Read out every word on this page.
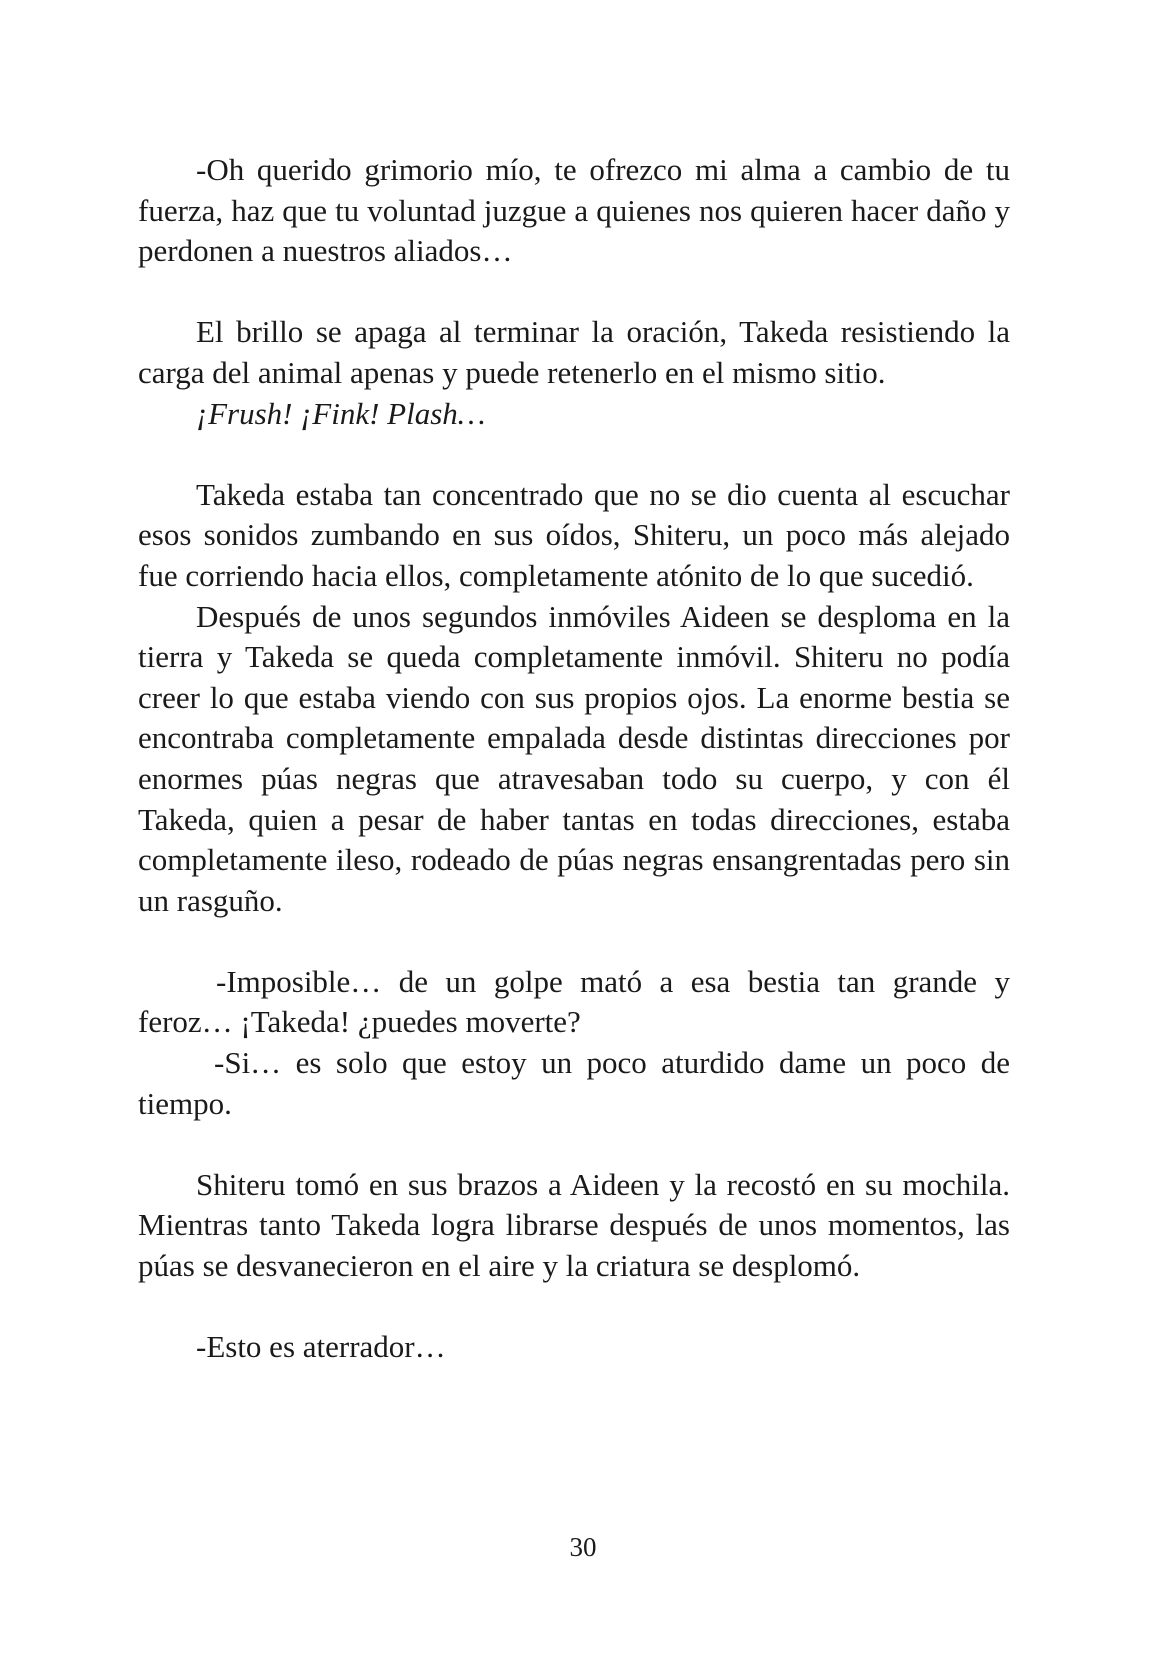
-Oh querido grimorio mío, te ofrezco mi alma a cambio de tu fuerza, haz que tu voluntad juzgue a quienes nos quieren hacer daño y perdonen a nuestros aliados…

El brillo se apaga al terminar la oración, Takeda resistiendo la carga del animal apenas y puede retenerlo en el mismo sitio.

¡Frush! ¡Fink! Plash…

Takeda estaba tan concentrado que no se dio cuenta al escuchar esos sonidos zumbando en sus oídos, Shiteru, un poco más alejado fue corriendo hacia ellos, completamente atónito de lo que sucedió.

Después de unos segundos inmóviles Aideen se desploma en la tierra y Takeda se queda completamente inmóvil. Shiteru no podía creer lo que estaba viendo con sus propios ojos. La enorme bestia se encontraba completamente empalada desde distintas direcciones por enormes púas negras que atravesaban todo su cuerpo, y con él Takeda, quien a pesar de haber tantas en todas direcciones, estaba completamente ileso, rodeado de púas negras ensangrentadas pero sin un rasguño.

-Imposible… de un golpe mató a esa bestia tan grande y feroz… ¡Takeda! ¿puedes moverte?

-Si… es solo que estoy un poco aturdido dame un poco de tiempo.

Shiteru tomó en sus brazos a Aideen y la recostó en su mochila. Mientras tanto Takeda logra librarse después de unos momentos, las púas se desvanecieron en el aire y la criatura se desplomó.

-Esto es aterrador…

30
